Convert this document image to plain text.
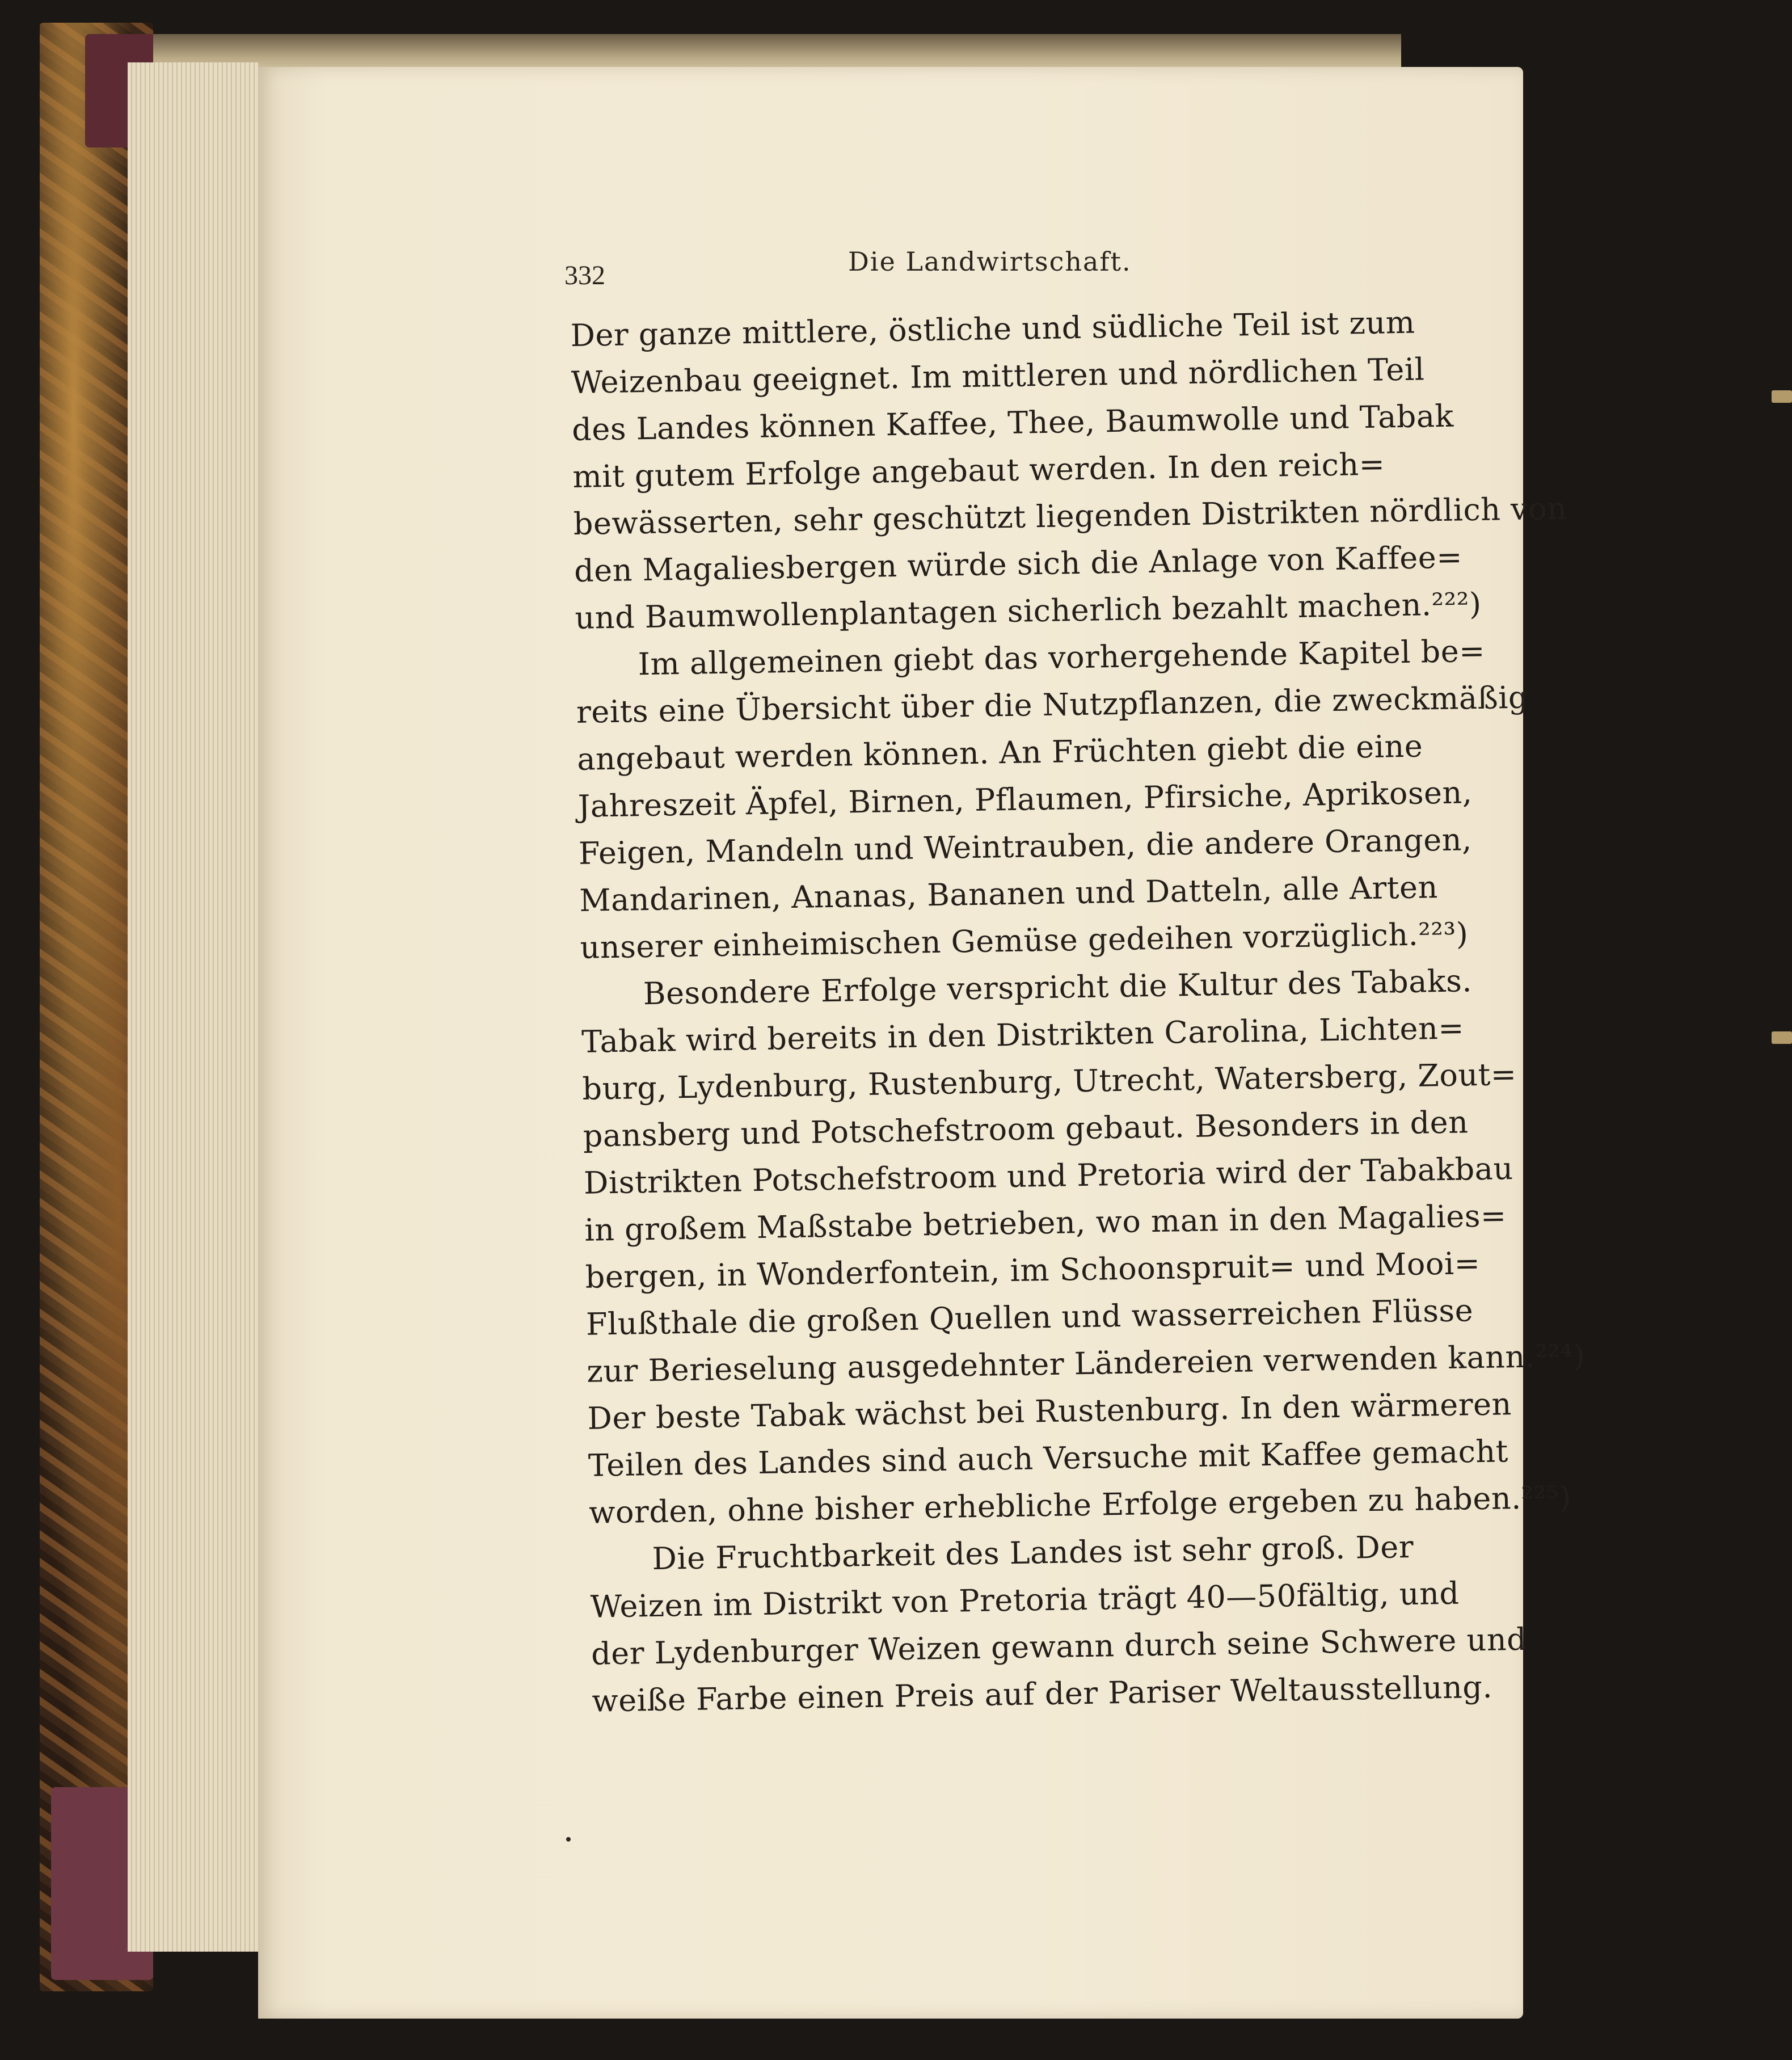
332	Die Landwirtschaft.
Der ganze mittlere, östliche und südliche Teil ist zum
Weizenbau geeignet. Im mittleren und nördlichen Teil
des Landes können Kaffee, Thee, Baumwolle und Tabak
mit gutem Erfolge angebaut werden. In den reich=
bewässerten, sehr geschützt liegenden Distrikten nördlich von
den Magaliesbergen würde sich die Anlage von Kaffee=
und Baumwollenplantagen sicherlich bezahlt machen.²²²)
Im allgemeinen giebt das vorhergehende Kapitel be=
reits eine Übersicht über die Nutzpflanzen, die zweckmäßig
angebaut werden können. An Früchten giebt die eine
Jahreszeit Äpfel, Birnen, Pflaumen, Pfirsiche, Aprikosen,
Feigen, Mandeln und Weintrauben, die andere Orangen,
Mandarinen, Ananas, Bananen und Datteln, alle Arten
unserer einheimischen Gemüse gedeihen vorzüglich.²²³)
Besondere Erfolge verspricht die Kultur des Tabaks.
Tabak wird bereits in den Distrikten Carolina, Lichten=
burg, Lydenburg, Rustenburg, Utrecht, Watersberg, Zout=
pansberg und Potschefstroom gebaut. Besonders in den
Distrikten Potschefstroom und Pretoria wird der Tabakbau
in großem Maßstabe betrieben, wo man in den Magalies=
bergen, in Wonderfontein, im Schoonspruit= und Mooi=
Flußthale die großen Quellen und wasserreichen Flüsse
zur Berieselung ausgedehnter Ländereien verwenden kann.²²⁴)
Der beste Tabak wächst bei Rustenburg. In den wärmeren
Teilen des Landes sind auch Versuche mit Kaffee gemacht
worden, ohne bisher erhebliche Erfolge ergeben zu haben.²²⁵)
Die Fruchtbarkeit des Landes ist sehr groß. Der
Weizen im Distrikt von Pretoria trägt 40—50fältig, und
der Lydenburger Weizen gewann durch seine Schwere und
weiße Farbe einen Preis auf der Pariser Weltausstellung.
